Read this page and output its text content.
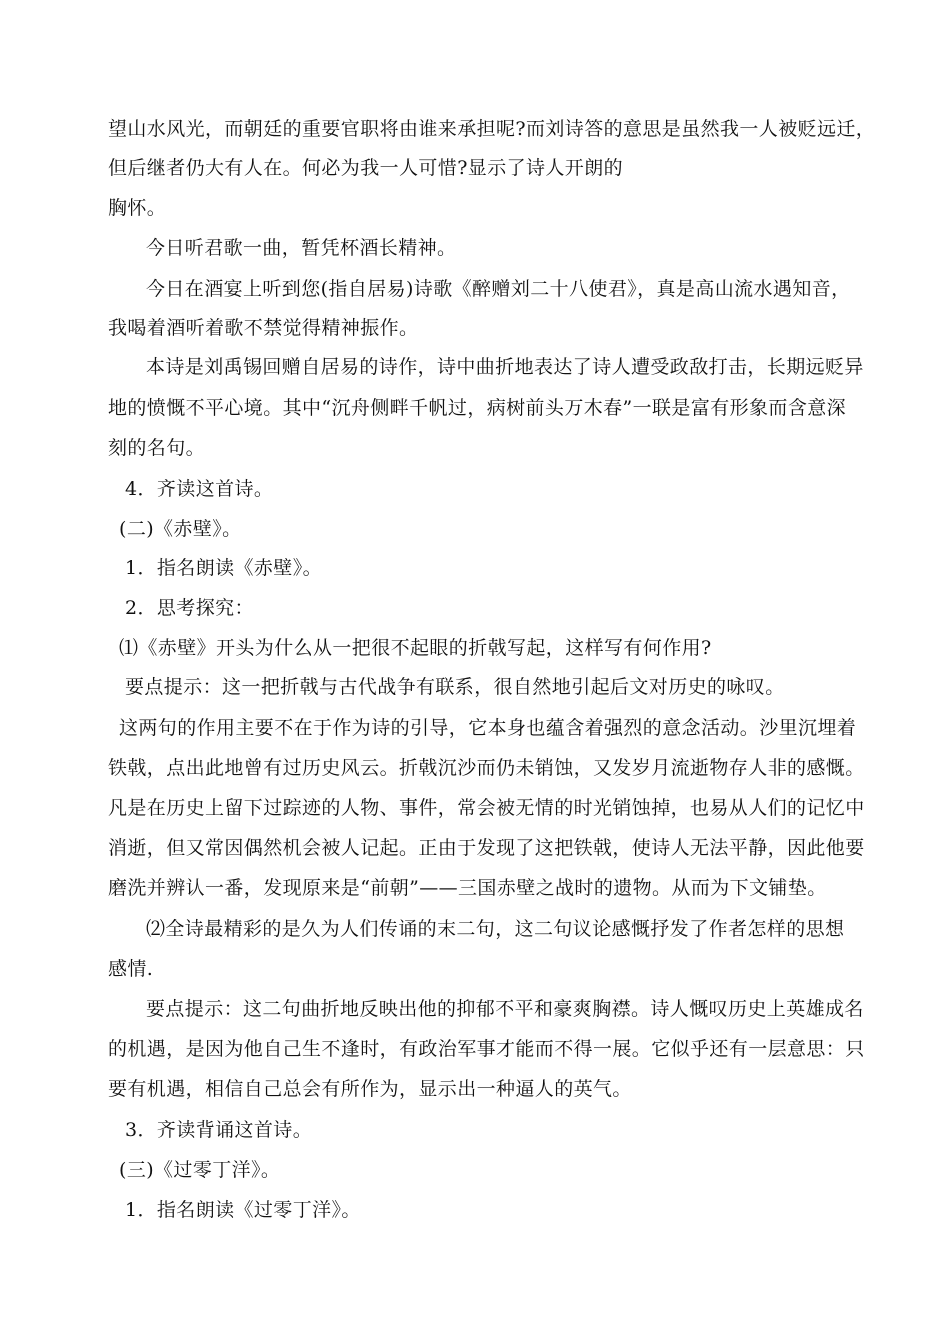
望山水风光，而朝廷的重要官职将由谁来承担呢?而刘诗答的意思是虽然我一人被贬远迁，
但后继者仍大有人在。何必为我一人可惜?显示了诗人开朗的
胸怀。
今日听君歌一曲，暂凭杯酒长精神。
今日在酒宴上听到您(指自居易)诗歌《醉赠刘二十八使君》，真是高山流水遇知音，
我喝着酒听着歌不禁觉得精神振作。
本诗是刘禹锡回赠自居易的诗作，诗中曲折地表达了诗人遭受政敌打击，长期远贬异
地的愤慨不平心境。其中“沉舟侧畔千帆过，病树前头万木春”一联是富有形象而含意深
刻的名句。
4．齐读这首诗。
(二)《赤壁》。
1．指名朗读《赤壁》。
2．思考探究：
⑴《赤壁》开头为什么从一把很不起眼的折戟写起，这样写有何作用?
要点提示：这一把折戟与古代战争有联系，很自然地引起后文对历史的咏叹。
这两句的作用主要不在于作为诗的引导，它本身也蕴含着强烈的意念活动。沙里沉埋着
铁戟，点出此地曾有过历史风云。折戟沉沙而仍未销蚀，又发岁月流逝物存人非的感慨。
凡是在历史上留下过踪迹的人物、事件，常会被无情的时光销蚀掉，也易从人们的记忆中
消逝，但又常因偶然机会被人记起。正由于发现了这把铁戟，使诗人无法平静，因此他要
磨洗并辨认一番，发现原来是“前朝”——三国赤壁之战时的遗物。从而为下文铺垫。
⑵全诗最精彩的是久为人们传诵的末二句，这二句议论感慨抒发了作者怎样的思想
感情.
要点提示：这二句曲折地反映出他的抑郁不平和豪爽胸襟。诗人慨叹历史上英雄成名
的机遇，是因为他自己生不逢时，有政治军事才能而不得一展。它似乎还有一层意思：只
要有机遇，相信自己总会有所作为，显示出一种逼人的英气。
3．齐读背诵这首诗。
(三)《过零丁洋》。
1．指名朗读《过零丁洋》。
